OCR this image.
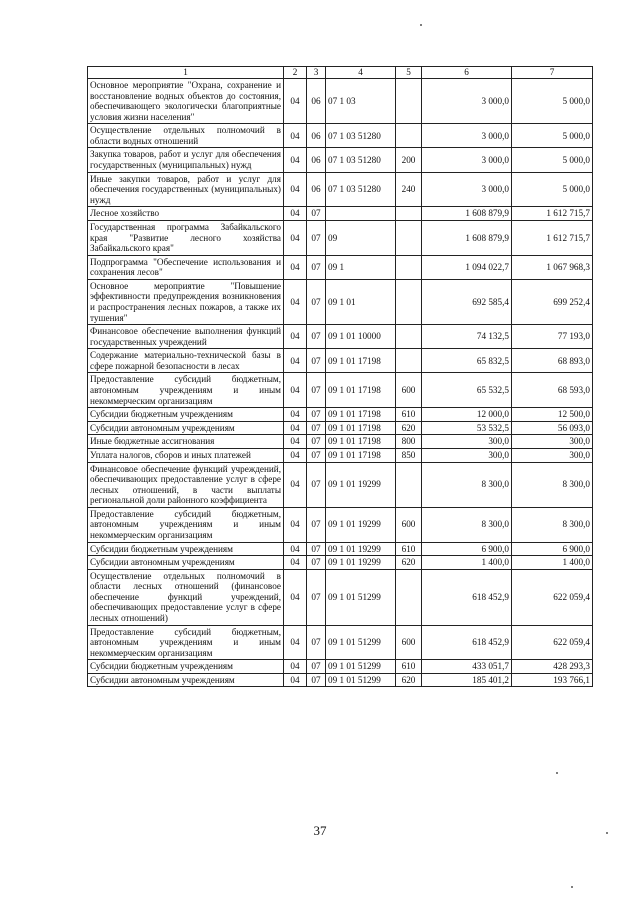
1	2	3	4	5	6	7
Основное мероприятие "Охрана, сохранение и восстановление водных объектов до состояния, обеспечивающего экологически благоприятные условия жизни населения"	04	06	07 1 03		3 000,0	5 000,0
Осуществление отдельных полномочий в области водных отношений	04	06	07 1 03 51280		3 000,0	5 000,0
Закупка товаров, работ и услуг для обеспечения государственных (муниципальных) нужд	04	06	07 1 03 51280	200	3 000,0	5 000,0
Иные закупки товаров, работ и услуг для обеспечения государственных (муниципальных) нужд	04	06	07 1 03 51280	240	3 000,0	5 000,0
Лесное хозяйство	04	07			1 608 879,9	1 612 715,7
Государственная программа Забайкальского края "Развитие лесного хозяйства Забайкальского края"	04	07	09		1 608 879,9	1 612 715,7
Подпрограмма "Обеспечение использования и сохранения лесов"	04	07	09 1		1 094 022,7	1 067 968,3
Основное мероприятие "Повышение эффективности предупреждения возникновения и распространения лесных пожаров, а также их тушения"	04	07	09 1 01		692 585,4	699 252,4
Финансовое обеспечение выполнения функций государственных учреждений	04	07	09 1 01 10000		74 132,5	77 193,0
Содержание материально-технической базы в сфере пожарной безопасности в лесах	04	07	09 1 01 17198		65 832,5	68 893,0
Предоставление субсидий бюджетным, автономным учреждениям и иным некоммерческим организациям	04	07	09 1 01 17198	600	65 532,5	68 593,0
Субсидии бюджетным учреждениям	04	07	09 1 01 17198	610	12 000,0	12 500,0
Субсидии автономным учреждениям	04	07	09 1 01 17198	620	53 532,5	56 093,0
Иные бюджетные ассигнования	04	07	09 1 01 17198	800	300,0	300,0
Уплата налогов, сборов и иных платежей	04	07	09 1 01 17198	850	300,0	300,0
Финансовое обеспечение функций учреждений, обеспечивающих предоставление услуг в сфере лесных отношений, в части выплаты региональной доли районного коэффициента	04	07	09 1 01 19299		8 300,0	8 300,0
Предоставление субсидий бюджетным, автономным учреждениям и иным некоммерческим организациям	04	07	09 1 01 19299	600	8 300,0	8 300,0
Субсидии бюджетным учреждениям	04	07	09 1 01 19299	610	6 900,0	6 900,0
Субсидии автономным учреждениям	04	07	09 1 01 19299	620	1 400,0	1 400,0
Осуществление отдельных полномочий в области лесных отношений (финансовое обеспечение функций учреждений, обеспечивающих предоставление услуг в сфере лесных отношений)	04	07	09 1 01 51299		618 452,9	622 059,4
Предоставление субсидий бюджетным, автономным учреждениям и иным некоммерческим организациям	04	07	09 1 01 51299	600	618 452,9	622 059,4
Субсидии бюджетным учреждениям	04	07	09 1 01 51299	610	433 051,7	428 293,3
Субсидии автономным учреждениям	04	07	09 1 01 51299	620	185 401,2	193 766,1
37
